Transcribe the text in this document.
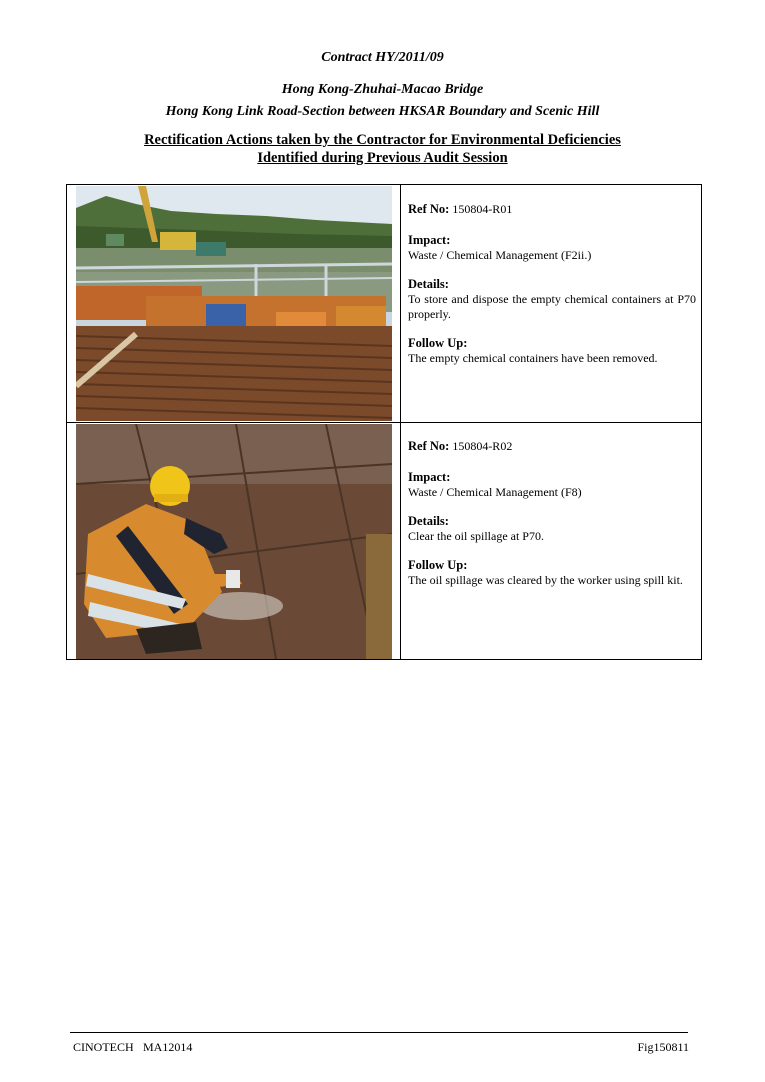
Contract HY/2011/09
Hong Kong-Zhuhai-Macao Bridge
Hong Kong Link Road-Section between HKSAR Boundary and Scenic Hill
Rectification Actions taken by the Contractor for Environmental Deficiencies
Identified during Previous Audit Session

Ref No: 150804-R01

Impact:

Waste / Chemical Management (F2ii.)

Details:

To store and dispose the empty chemical containers at P70 properly.

Follow Up:

The empty chemical containers have been removed.

Ref No: 150804-R02

Impact:

Waste / Chemical Management (F8)

Details:

Clear the oil spillage at P70.

Follow Up:

The oil spillage was cleared by the worker using spill kit.

CINOTECH MA12014	Fig150811
